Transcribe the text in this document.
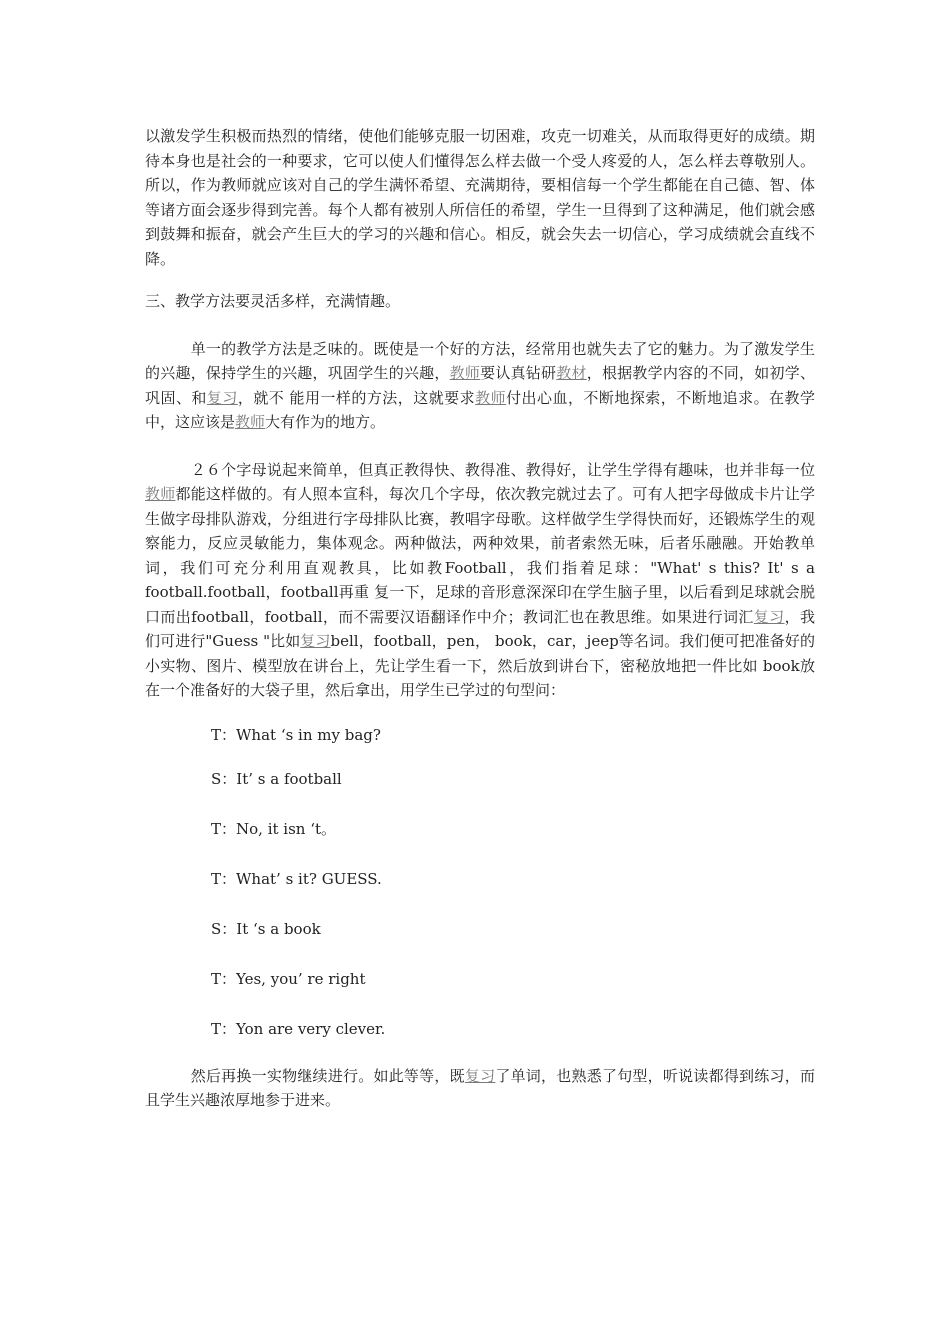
以激发学生积极而热烈的情绪，使他们能够克服一切困难，攻克一切难关，从而取得更好的成绩。期待本身也是社会的一种要求，它可以使人们懂得怎么样去做一个受人疼爱的人，怎么样去尊敬别人。所以，作为教师就应该对自己的学生满怀希望、充满期待，要相信每一个学生都能在自己德、智、体等诸方面会逐步得到完善。每个人都有被别人所信任的希望，学生一旦得到了这种满足，他们就会感到鼓舞和振奋，就会产生巨大的学习的兴趣和信心。相反，就会失去一切信心，学习成绩就会直线不降。

三、教学方法要灵活多样，充满情趣。

　　　单一的教学方法是乏味的。既使是一个好的方法，经常用也就失去了它的魅力。为了激发学生的兴趣，保持学生的兴趣，巩固学生的兴趣，教师要认真钻研教材，根据教学内容的不同，如初学、巩固、和复习，就不 能用一样的方法，这就要求教师付出心血，不断地探索，不断地追求。在教学中，这应该是教师大有作为的地方。

　　　２６个字母说起来简单，但真正教得快、教得准、教得好，让学生学得有趣味，也并非每一位教师都能这样做的。有人照本宣科，每次几个字母，依次教完就过去了。可有人把字母做成卡片让学生做字母排队游戏，分组进行字母排队比赛，教唱字母歌。这样做学生学得快而好，还锻炼学生的观察能力，反应灵敏能力，集体观念。两种做法，两种效果，前者索然无味，后者乐融融。开始教单词，我们可充分利用直观教具，比如教Football，我们指着足球："What' s this? It' s a football.football，football再重 复一下，足球的音形意深深印在学生脑子里，以后看到足球就会脱口而出football，football，而不需要汉语翻译作中介；教词汇也在教思维。如果进行词汇复习，我们可进行"Guess "比如复习bell，football，pen， book，car，jeep等名词。我们便可把准备好的小实物、图片、模型放在讲台上，先让学生看一下，然后放到讲台下，密秘放地把一件比如 book放在一个准备好的大袋子里，然后拿出，用学生已学过的句型问：

T：What ‘s in my bag?

S：It’ s a football

T：No, it isn ‘t。

T：What’ s it? GUESS.

S：It ‘s a book

T：Yes, you’ re right

T：Yon are very clever.

　　　然后再换一实物继续进行。如此等等，既复习了单词，也熟悉了句型，听说读都得到练习，而且学生兴趣浓厚地参于进来。
